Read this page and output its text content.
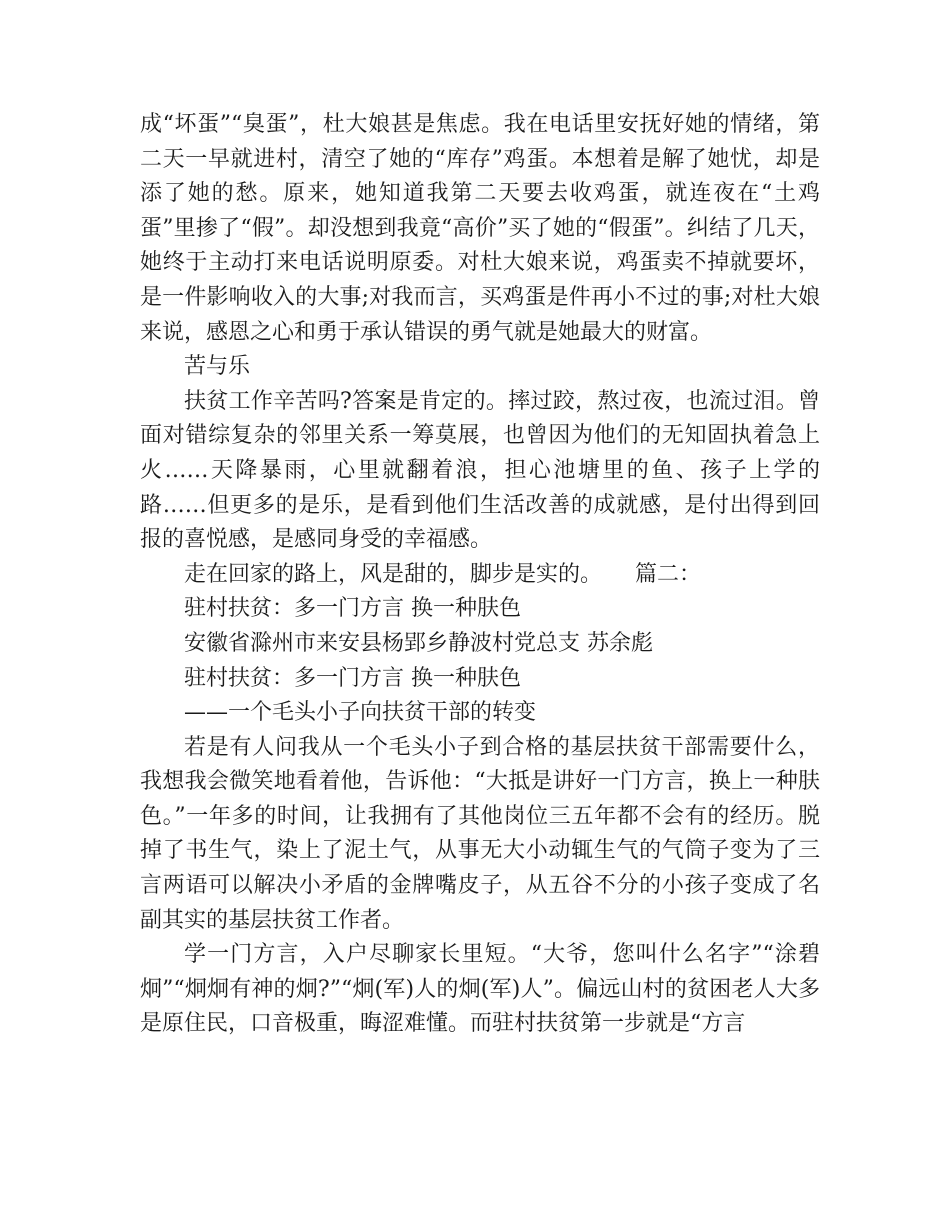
成“坏蛋”“臭蛋”，杜大娘甚是焦虑。我在电话里安抚好她的情绪，第二天一早就进村，清空了她的“库存”鸡蛋。本想着是解了她忧，却是添了她的愁。原来，她知道我第二天要去收鸡蛋，就连夜在“土鸡蛋”里掺了“假”。却没想到我竟“高价”买了她的“假蛋”。纠结了几天，她终于主动打来电话说明原委。对杜大娘来说，鸡蛋卖不掉就要坏，是一件影响收入的大事;对我而言，买鸡蛋是件再小不过的事;对杜大娘来说，感恩之心和勇于承认错误的勇气就是她最大的财富。

苦与乐

扶贫工作辛苦吗?答案是肯定的。摔过跤，熬过夜，也流过泪。曾面对错综复杂的邻里关系一筹莫展，也曾因为他们的无知固执着急上火……天降暴雨，心里就翻着浪，担心池塘里的鱼、孩子上学的路……但更多的是乐，是看到他们生活改善的成就感，是付出得到回报的喜悦感，是感同身受的幸福感。

走在回家的路上，风是甜的，脚步是实的。　　篇二：

驻村扶贫：多一门方言 换一种肤色

安徽省滁州市来安县杨郢乡静波村党总支 苏余彪

驻村扶贫：多一门方言 换一种肤色

——一个毛头小子向扶贫干部的转变

若是有人问我从一个毛头小子到合格的基层扶贫干部需要什么，我想我会微笑地看着他，告诉他：“大抵是讲好一门方言，换上一种肤色。”一年多的时间，让我拥有了其他岗位三五年都不会有的经历。脱掉了书生气，染上了泥土气，从事无大小动辄生气的气筒子变为了三言两语可以解决小矛盾的金牌嘴皮子，从五谷不分的小孩子变成了名副其实的基层扶贫工作者。

学一门方言，入户尽聊家长里短。“大爷，您叫什么名字”“涂碧炯”“炯炯有神的炯?”“炯(军)人的炯(军)人”。偏远山村的贫困老人大多是原住民，口音极重，晦涩难懂。而驻村扶贫第一步就是“方言
